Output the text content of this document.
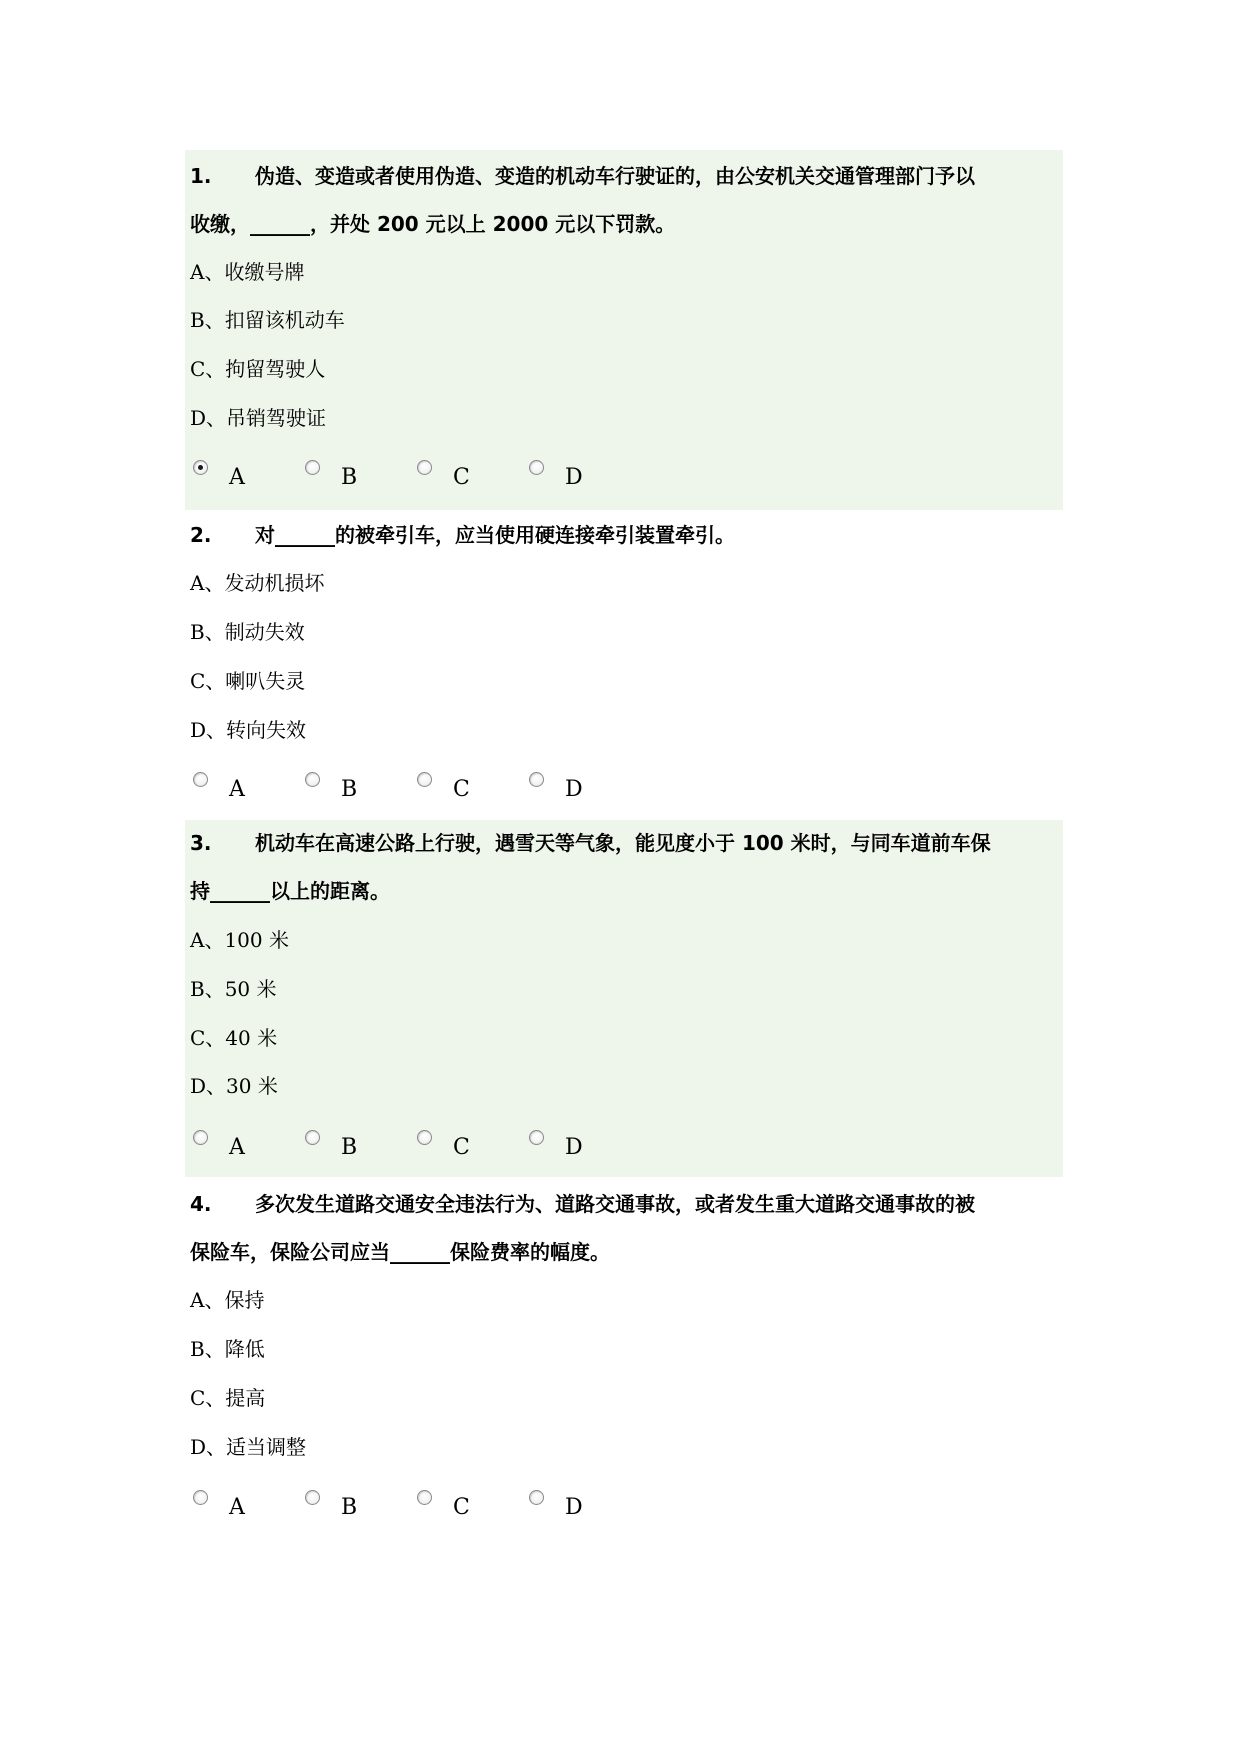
1. 伪造、变造或者使用伪造、变造的机动车行驶证的，由公安机关交通管理部门予以
收缴，______，并处 200 元以上 2000 元以下罚款。
A、收缴号牌
B、扣留该机动车
C、拘留驾驶人
D、吊销驾驶证
A	B	C	D
2. 对______的被牵引车，应当使用硬连接牵引装置牵引。
A、发动机损坏
B、制动失效
C、喇叭失灵
D、转向失效
A	B	C	D
3. 机动车在高速公路上行驶，遇雪天等气象，能见度小于 100 米时，与同车道前车保
持______以上的距离。
A、100 米
B、50 米
C、40 米
D、30 米
A	B	C	D
4. 多次发生道路交通安全违法行为、道路交通事故，或者发生重大道路交通事故的被
保险车，保险公司应当______保险费率的幅度。
A、保持
B、降低
C、提高
D、适当调整
A	B	C	D
